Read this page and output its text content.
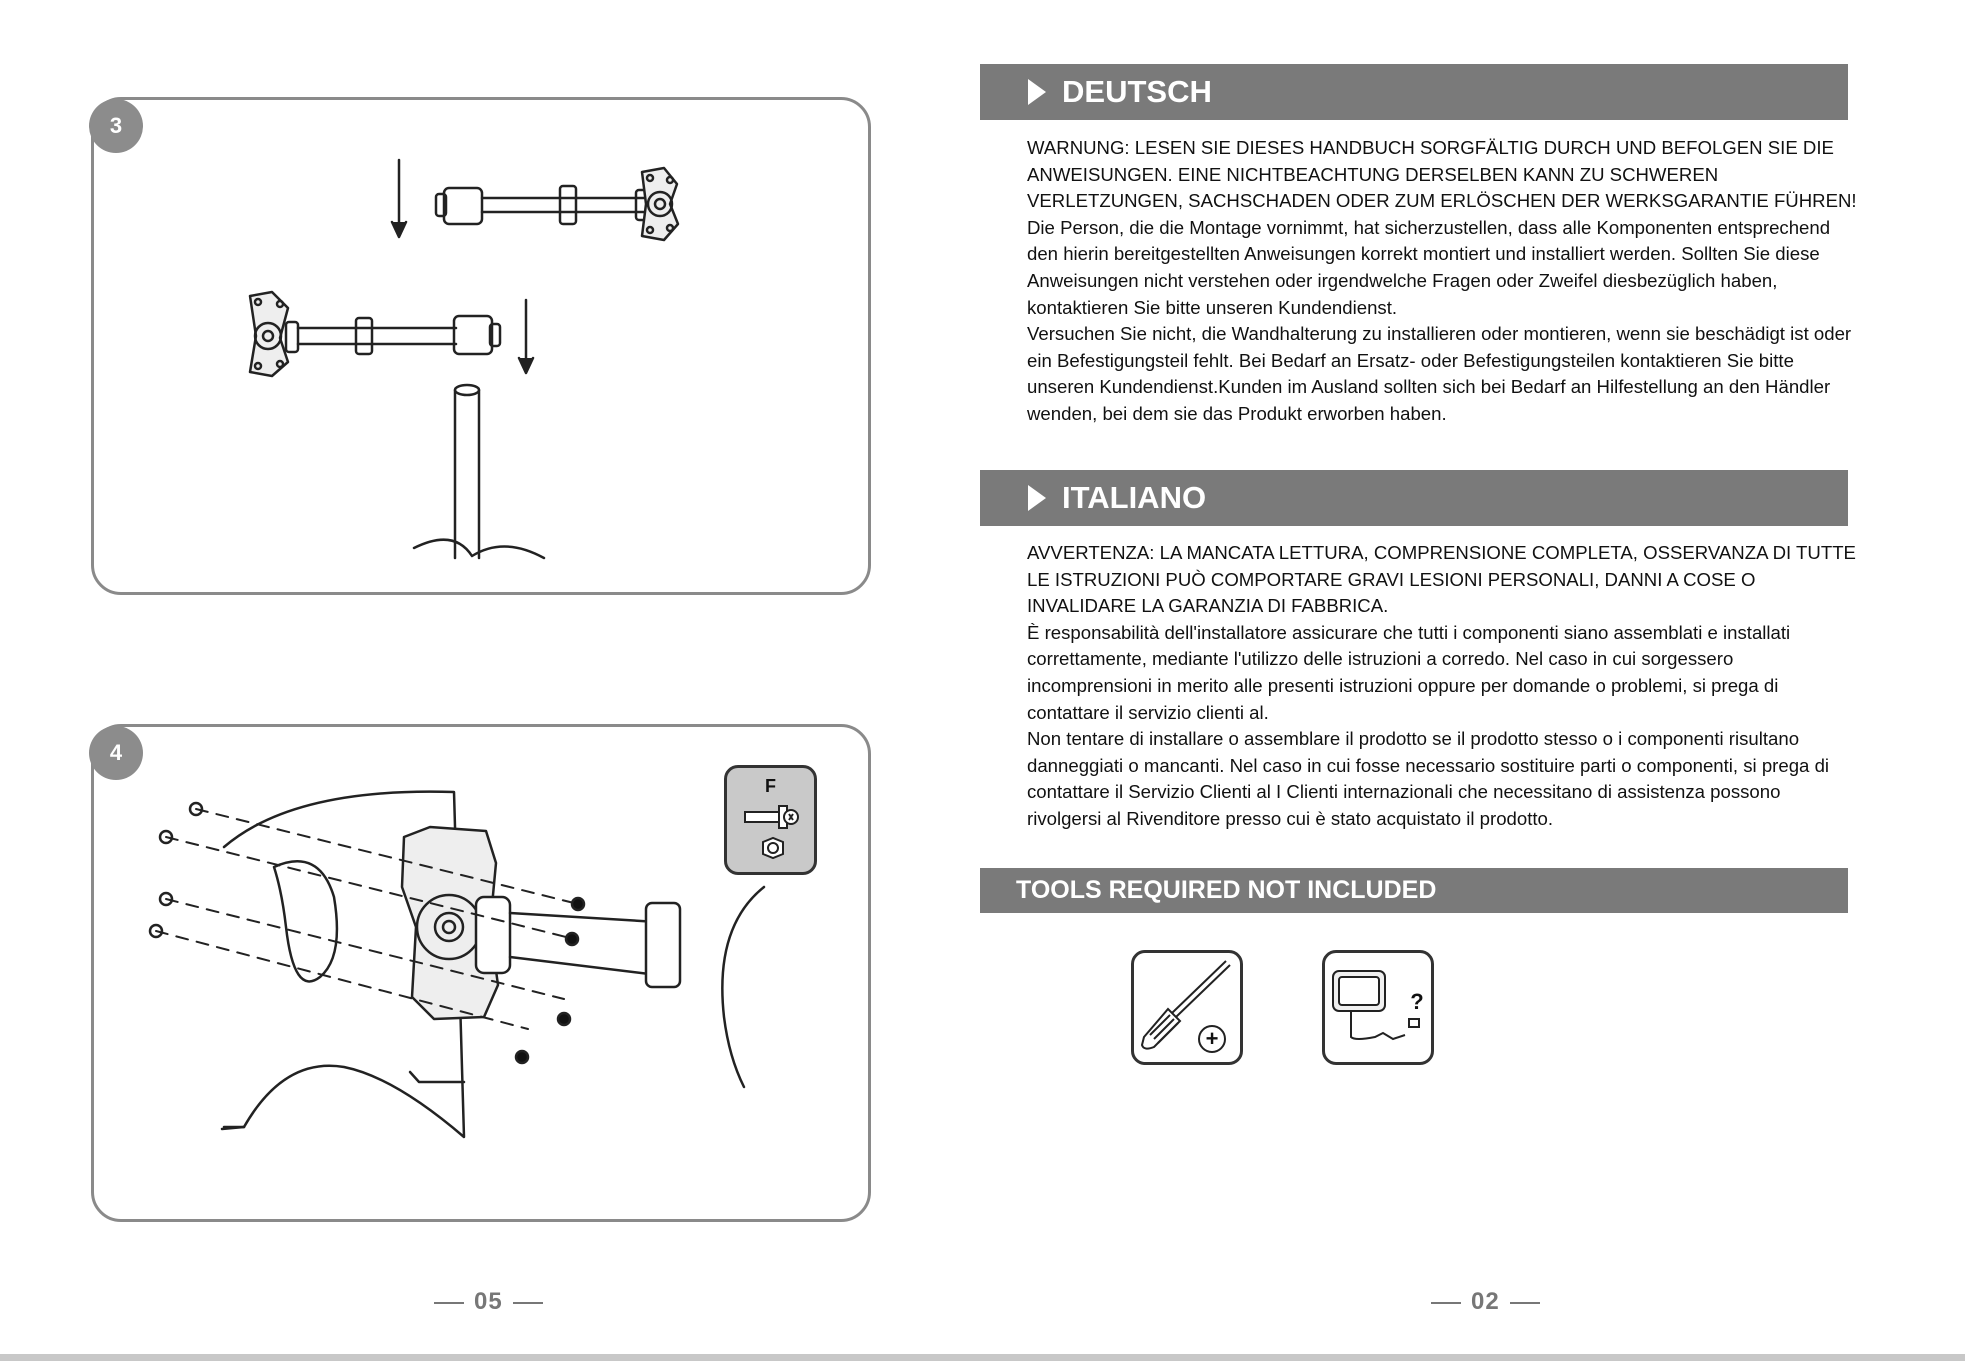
3
4
F
05
DEUTSCH

WARNUNG: LESEN SIE DIESES HANDBUCH SORGFÄLTIG DURCH UND BEFOLGEN SIE DIE ANWEISUNGEN. EINE NICHTBEACHTUNG DERSELBEN KANN ZU SCHWEREN VERLETZUNGEN, SACHSCHADEN ODER ZUM ERLÖSCHEN DER WERKSGARANTIE FÜHREN!

Die Person, die die Montage vornimmt, hat sicherzustellen, dass alle Komponenten entsprechend den hierin bereitgestellten Anweisungen korrekt montiert und installiert werden. Sollten Sie diese Anweisungen nicht verstehen oder irgendwelche Fragen oder Zweifel diesbezüglich haben, kontaktieren Sie bitte unseren Kundendienst.

Versuchen Sie nicht, die Wandhalterung zu installieren oder montieren, wenn sie beschädigt ist oder ein Befestigungsteil fehlt. Bei Bedarf an Ersatz- oder Befestigungsteilen kontaktieren Sie bitte unseren Kundendienst.Kunden im Ausland sollten sich bei Bedarf an Hilfestellung an den Händler wenden, bei dem sie das Produkt erworben haben.

ITALIANO

AVVERTENZA: LA MANCATA LETTURA, COMPRENSIONE COMPLETA, OSSERVANZA DI TUTTE LE ISTRUZIONI PUÒ COMPORTARE GRAVI LESIONI PERSONALI, DANNI A COSE O INVALIDARE LA GARANZIA DI FABBRICA.

È responsabilità dell'installatore assicurare che tutti i componenti siano assemblati e installati correttamente, mediante l'utilizzo delle istruzioni a corredo. Nel caso in cui sorgessero incomprensioni in merito alle presenti istruzioni oppure per domande o problemi, si prega di contattare il servizio clienti al.

Non tentare di installare o assemblare il prodotto se il prodotto stesso o i componenti risultano danneggiati o mancanti. Nel caso in cui fosse necessario sostituire parti o componenti, si prega di contattare il Servizio Clienti al I Clienti internazionali che necessitano di assistenza possono rivolgersi al Rivenditore presso cui è stato acquistato il prodotto.

TOOLS REQUIRED NOT INCLUDED
+
?
02
